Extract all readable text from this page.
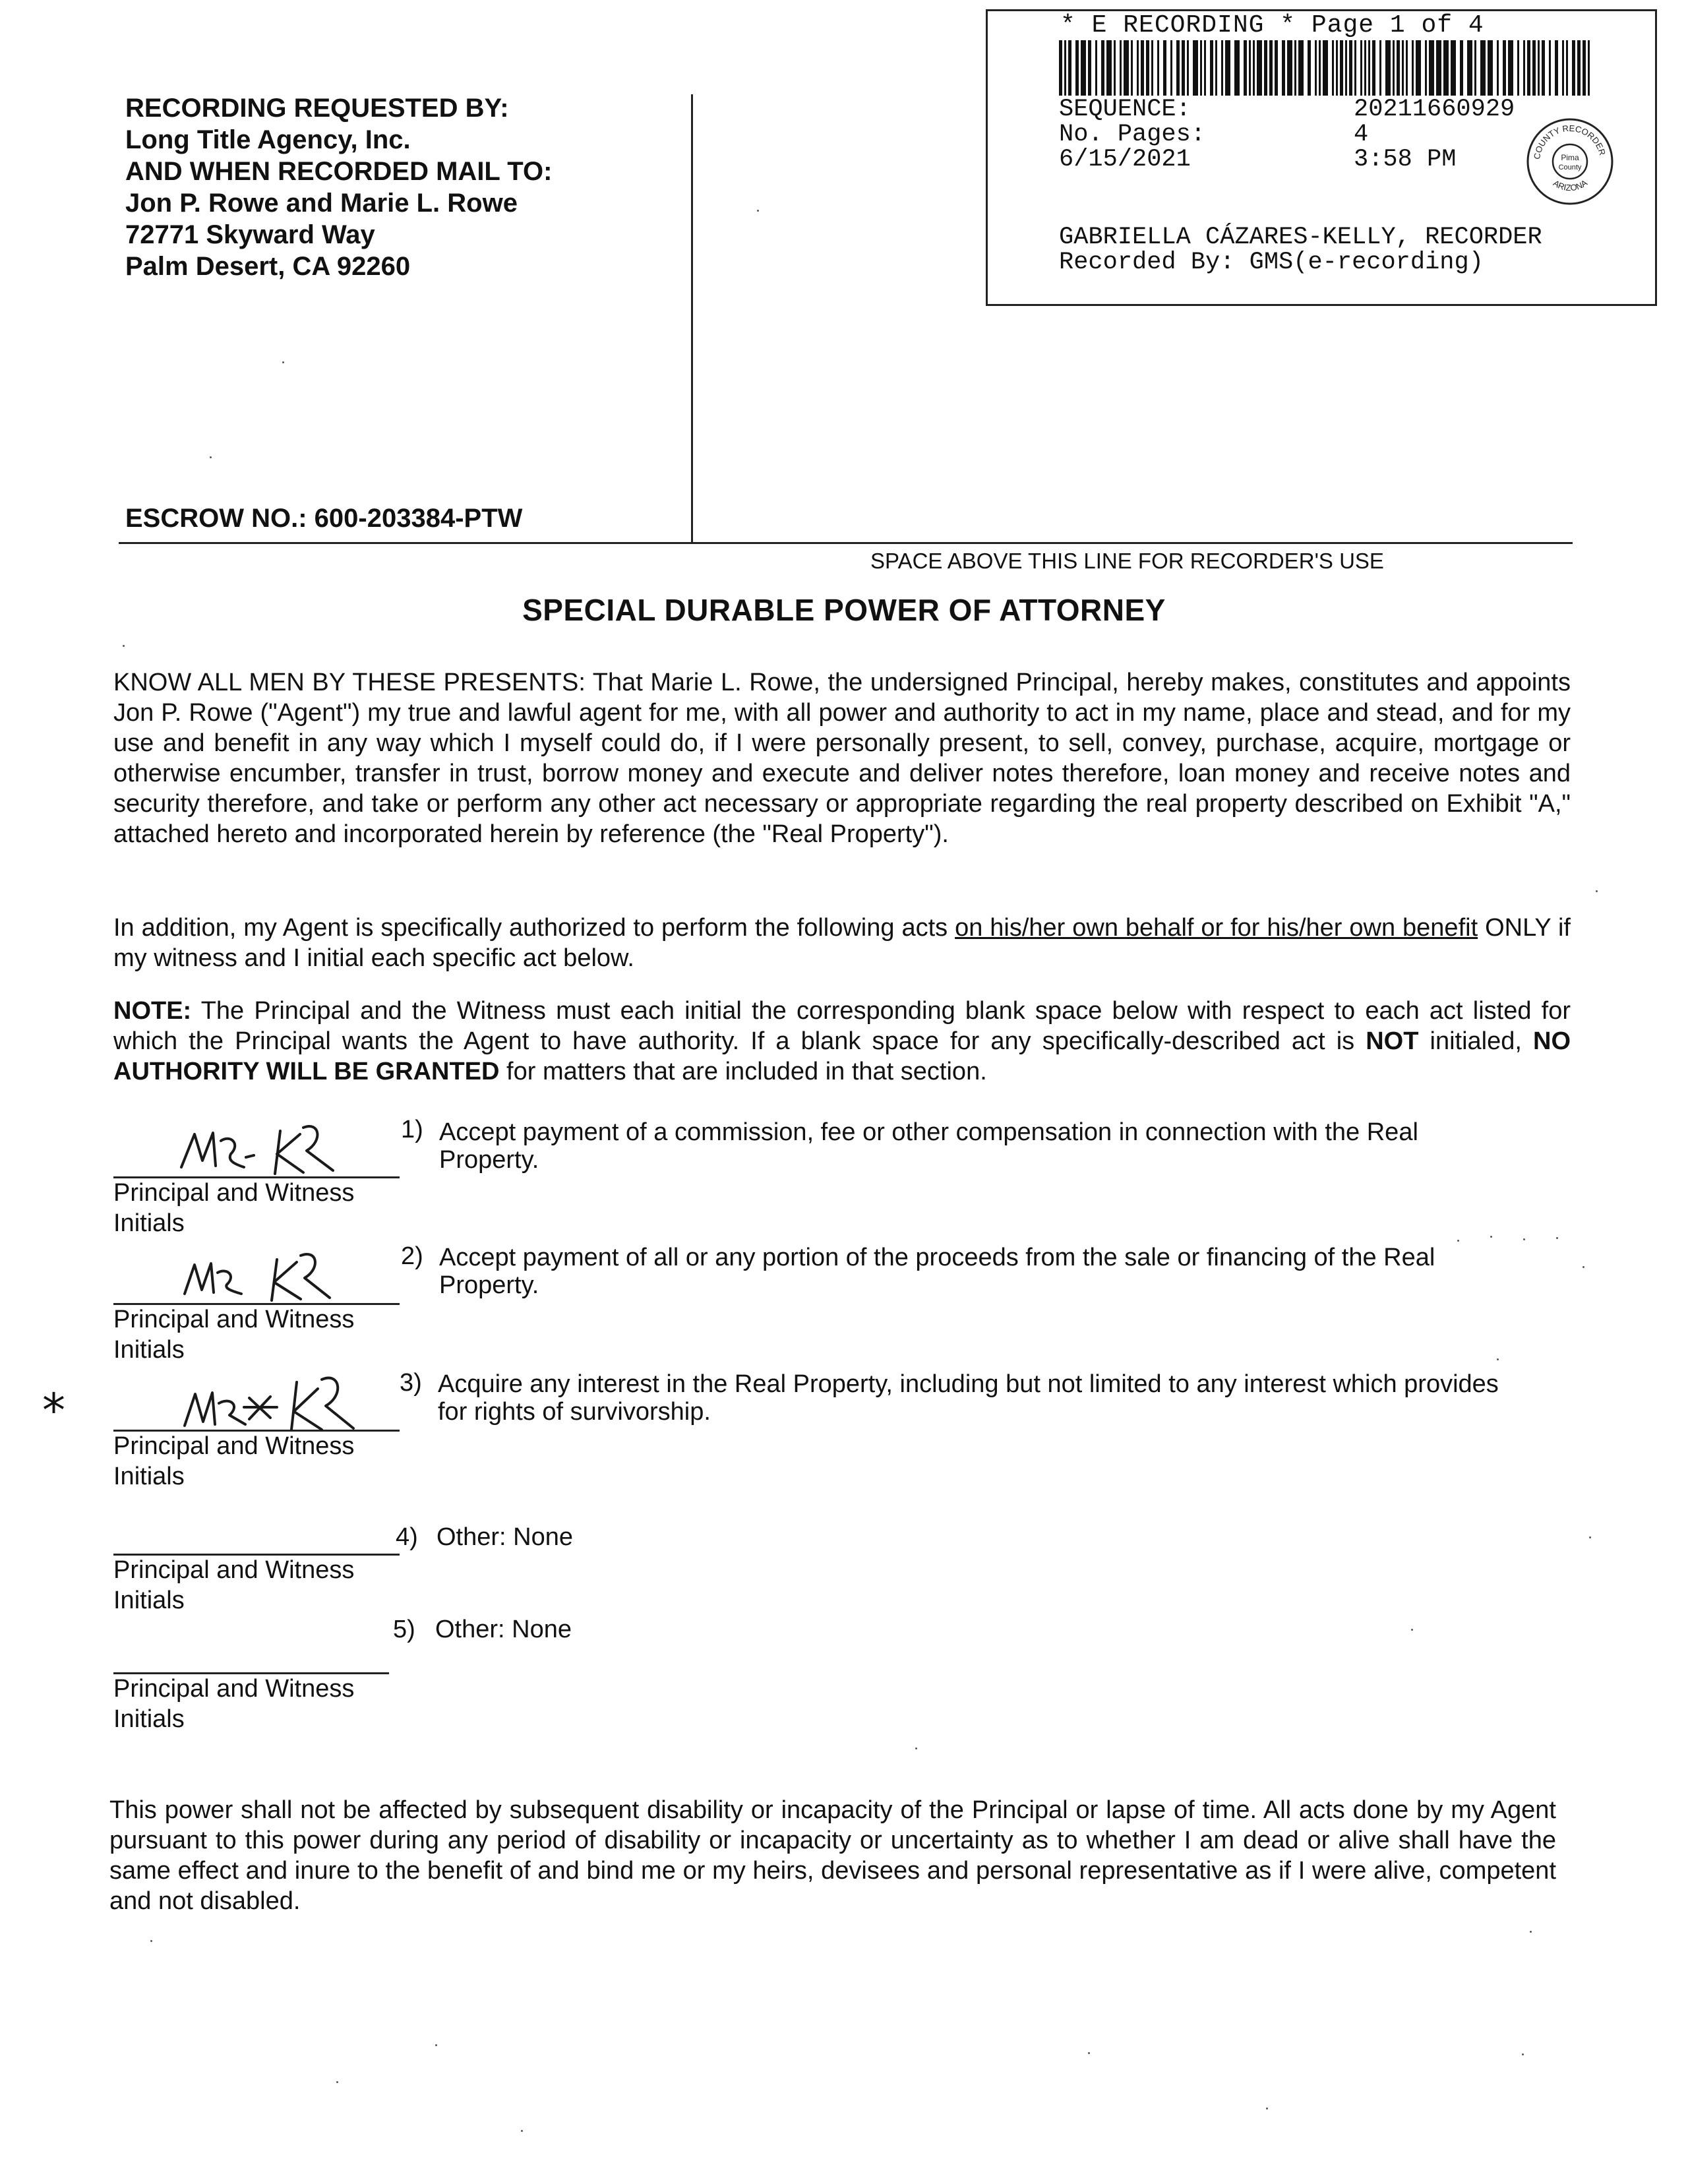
* E RECORDING * Page 1 of 4
SEQUENCE:	20211660929
No. Pages:	4
6/15/2021	3:58 PM
GABRIELLA CÁZARES-KELLY, RECORDER
Recorded By: GMS(e-recording)
Pima
County
COUNTY RECORDER
ARIZONA
RECORDING REQUESTED BY:
Long Title Agency, Inc.
AND WHEN RECORDED MAIL TO:
Jon P. Rowe and Marie L. Rowe
72771 Skyward Way
Palm Desert, CA 92260
ESCROW NO.: 600-203384-PTW
SPACE ABOVE THIS LINE FOR RECORDER'S USE
SPECIAL DURABLE POWER OF ATTORNEY
KNOW ALL MEN BY THESE PRESENTS: That Marie L. Rowe, the undersigned Principal, hereby makes, constitutes and appoints Jon P. Rowe ("Agent") my true and lawful agent for me, with all power and authority to act in my name, place and stead, and for my use and benefit in any way which I myself could do, if I were personally present, to sell, convey, purchase, acquire, mortgage or otherwise encumber, transfer in trust, borrow money and execute and deliver notes therefore, loan money and receive notes and security therefore, and take or perform any other act necessary or appropriate regarding the real property described on Exhibit "A," attached hereto and incorporated herein by reference (the "Real Property").
In addition, my Agent is specifically authorized to perform the following acts on his/her own behalf or for his/her own benefit ONLY if my witness and I initial each specific act below.
NOTE: The Principal and the Witness must each initial the corresponding blank space below with respect to each act listed for which the Principal wants the Agent to have authority. If a blank space for any specifically-described act is NOT initialed, NO AUTHORITY WILL BE GRANTED for matters that are included in that section.
Principal and Witness
Initials
1) Accept payment of a commission, fee or other compensation in connection with the Real Property.
Principal and Witness
Initials
2) Accept payment of all or any portion of the proceeds from the sale or financing of the Real Property.
Principal and Witness
Initials
*
3) Acquire any interest in the Real Property, including but not limited to any interest which provides for rights of survivorship.
Principal and Witness
Initials
4) Other: None
5) Other: None
Principal and Witness
Initials
This power shall not be affected by subsequent disability or incapacity of the Principal or lapse of time. All acts done by my Agent pursuant to this power during any period of disability or incapacity or uncertainty as to whether I am dead or alive shall have the same effect and inure to the benefit of and bind me or my heirs, devisees and personal representative as if I were alive, competent and not disabled.
